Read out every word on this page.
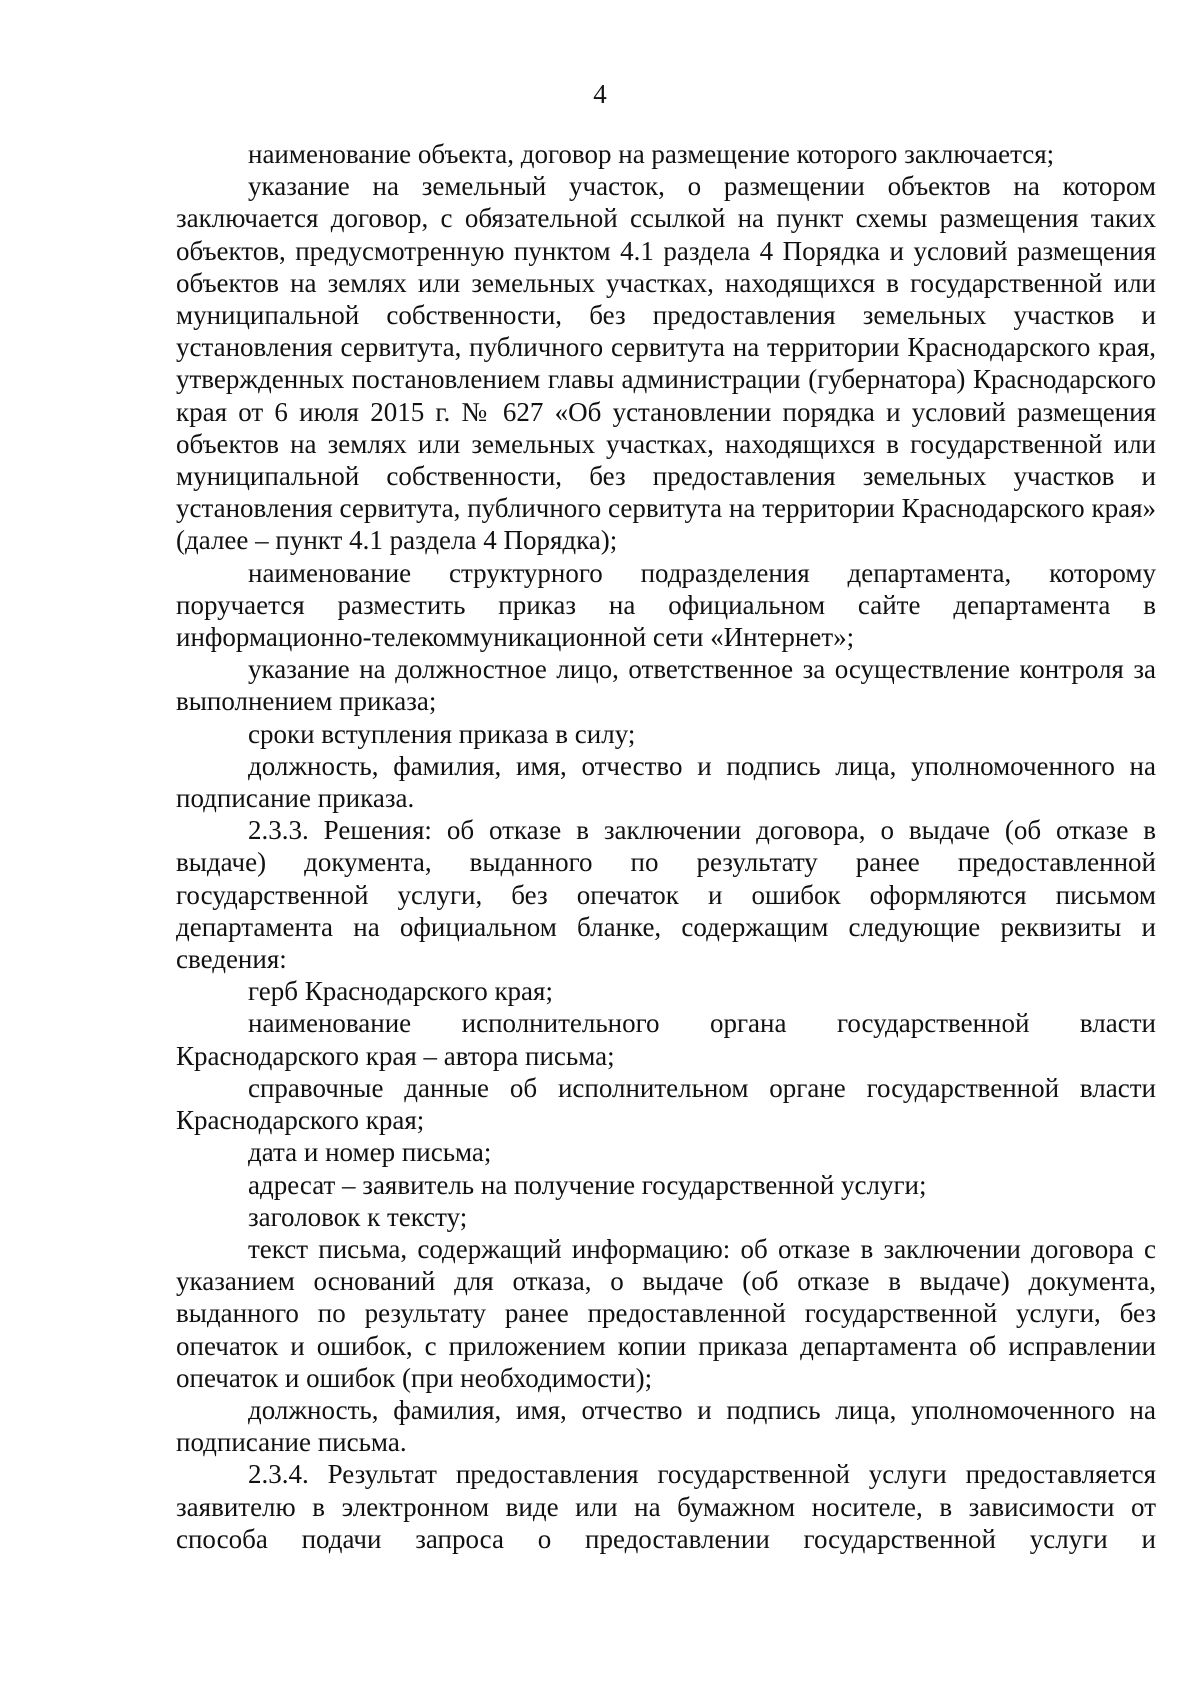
4

наименование объекта, договор на размещение которого заключается;

указание на земельный участок, о размещении объектов на котором заключается договор, с обязательной ссылкой на пункт схемы размещения таких объектов, предусмотренную пунктом 4.1 раздела 4 Порядка и условий размещения объектов на землях или земельных участках, находящихся в государственной или муниципальной собственности, без предоставления земельных участков и установления сервитута, публичного сервитута на территории Краснодарского края, утвержденных постановлением главы администрации (губернатора) Краснодарского края от 6 июля 2015 г. № 627 «Об установлении порядка и условий размещения объектов на землях или земельных участках, находящихся в государственной или муниципальной собственности, без предоставления земельных участков и установления сервитута, публичного сервитута на территории Краснодарского края» (далее – пункт 4.1 раздела 4 Порядка);

наименование структурного подразделения департамента, которому поручается разместить приказ на официальном сайте департамента в информационно-телекоммуникационной сети «Интернет»;

указание на должностное лицо, ответственное за осуществление контроля за выполнением приказа;

сроки вступления приказа в силу;

должность, фамилия, имя, отчество и подпись лица, уполномоченного на подписание приказа.

2.3.3. Решения: об отказе в заключении договора, о выдаче (об отказе в выдаче) документа, выданного по результату ранее предоставленной государственной услуги, без опечаток и ошибок оформляются письмом департамента на официальном бланке, содержащим следующие реквизиты и сведения:

герб Краснодарского края;

наименование исполнительного органа государственной власти Краснодарского края – автора письма;

справочные данные об исполнительном органе государственной власти Краснодарского края;

дата и номер письма;

адресат – заявитель на получение государственной услуги;

заголовок к тексту;

текст письма, содержащий информацию: об отказе в заключении договора с указанием оснований для отказа, о выдаче (об отказе в выдаче) документа, выданного по результату ранее предоставленной государственной услуги, без опечаток и ошибок, с приложением копии приказа департамента об исправлении опечаток и ошибок (при необходимости);

должность, фамилия, имя, отчество и подпись лица, уполномоченного на подписание письма.

2.3.4. Результат предоставления государственной услуги предоставляется заявителю в электронном виде или на бумажном носителе, в зависимости от способа подачи запроса о предоставлении государственной услуги и
